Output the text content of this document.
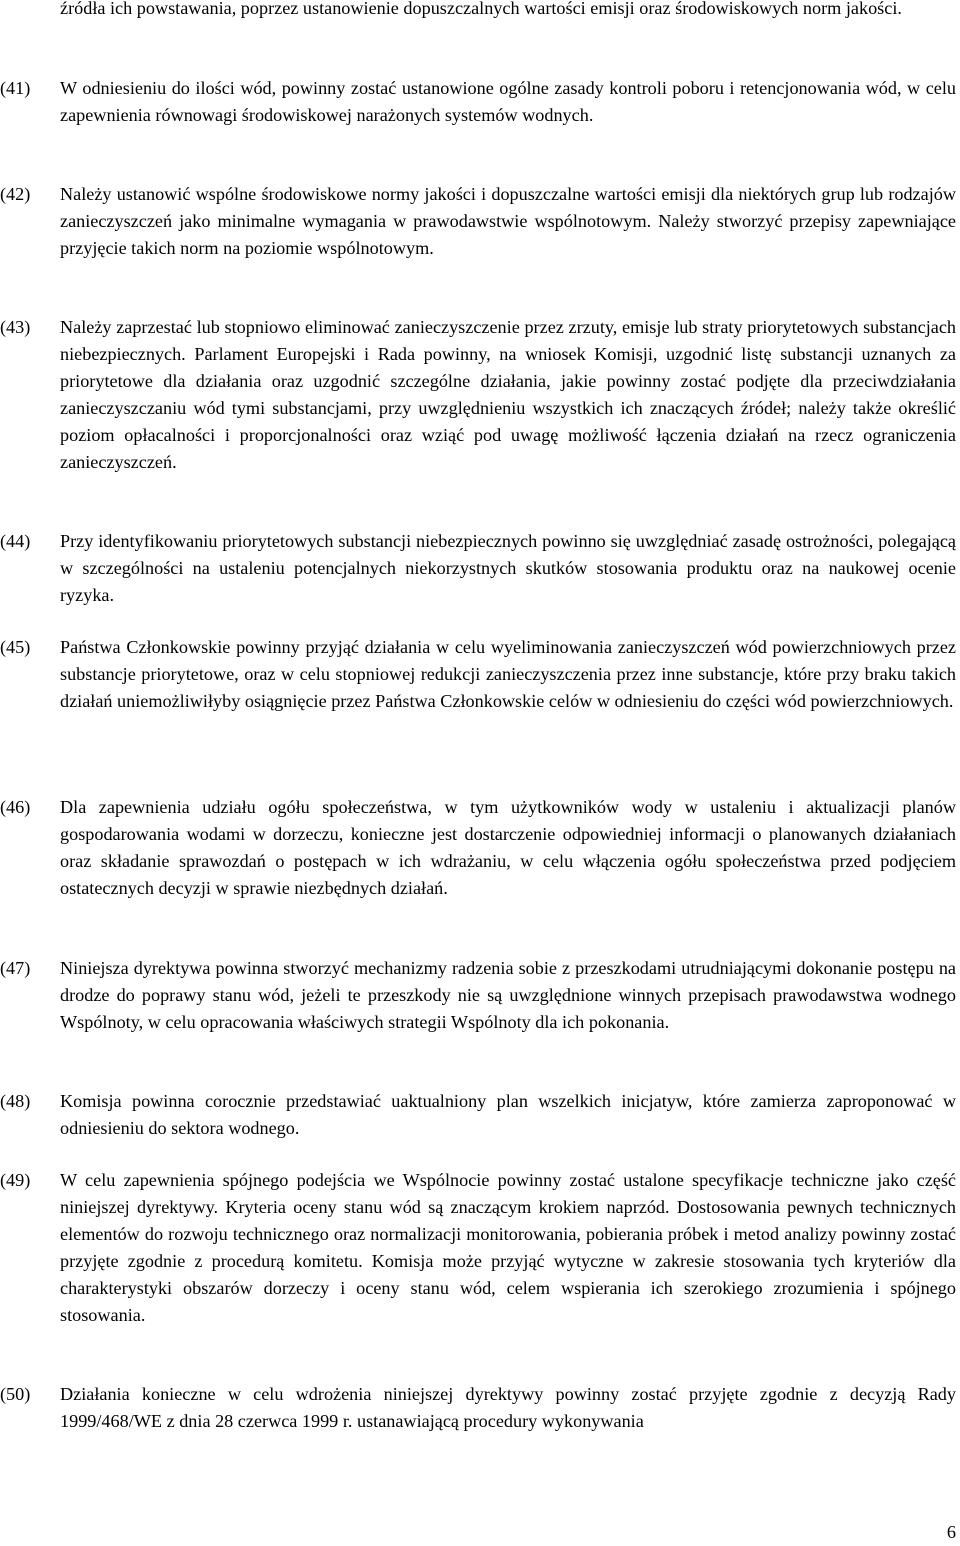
źródła ich powstawania, poprzez ustanowienie dopuszczalnych wartości emisji oraz środowiskowych norm jakości.

(41)	W odniesieniu do ilości wód, powinny zostać ustanowione ogólne zasady kontroli poboru i retencjonowania wód, w celu zapewnienia równowagi środowiskowej narażonych systemów wodnych.
(42)	Należy ustanowić wspólne środowiskowe normy jakości i dopuszczalne wartości emisji dla niektórych grup lub rodzajów zanieczyszczeń jako minimalne wymagania w prawodawstwie wspólnotowym. Należy stworzyć przepisy zapewniające przyjęcie takich norm na poziomie wspólnotowym.
(43)	Należy zaprzestać lub stopniowo eliminować zanieczyszczenie przez zrzuty, emisje lub straty priorytetowych substancjach niebezpiecznych. Parlament Europejski i Rada powinny, na wniosek Komisji, uzgodnić listę substancji uznanych za priorytetowe dla działania oraz uzgodnić szczególne działania, jakie powinny zostać podjęte dla przeciwdziałania zanieczyszczaniu wód tymi substancjami, przy uwzględnieniu wszystkich ich znaczących źródeł; należy także określić poziom opłacalności i proporcjonalności oraz wziąć pod uwagę możliwość łączenia działań na rzecz ograniczenia zanieczyszczeń.
(44)	Przy identyfikowaniu priorytetowych substancji niebezpiecznych powinno się uwzględniać zasadę ostrożności, polegającą w szczególności na ustaleniu potencjalnych niekorzystnych skutków stosowania produktu oraz na naukowej ocenie ryzyka.
(45)	Państwa Członkowskie powinny przyjąć działania w celu wyeliminowania zanieczyszczeń wód powierzchniowych przez substancje priorytetowe, oraz w celu stopniowej redukcji zanieczyszczenia przez inne substancje, które przy braku takich działań uniemożliwiłyby osiągnięcie przez Państwa Członkowskie celów w odniesieniu do części wód powierzchniowych.
(46)	Dla zapewnienia udziału ogółu społeczeństwa, w tym użytkowników wody w ustaleniu i aktualizacji planów gospodarowania wodami w dorzeczu, konieczne jest dostarczenie odpowiedniej informacji o planowanych działaniach oraz składanie sprawozdań o postępach w ich wdrażaniu, w celu włączenia ogółu społeczeństwa przed podjęciem ostatecznych decyzji w sprawie niezbędnych działań.
(47)	Niniejsza dyrektywa powinna stworzyć mechanizmy radzenia sobie z przeszkodami utrudniającymi dokonanie postępu na drodze do poprawy stanu wód, jeżeli te przeszkody nie są uwzględnione winnych przepisach prawodawstwa wodnego Wspólnoty, w celu opracowania właściwych strategii Wspólnoty dla ich pokonania.
(48)	Komisja powinna corocznie przedstawiać uaktualniony plan wszelkich inicjatyw, które zamierza zaproponować w odniesieniu do sektora wodnego.
(49)	W celu zapewnienia spójnego podejścia we Wspólnocie powinny zostać ustalone specyfikacje techniczne jako część niniejszej dyrektywy. Kryteria oceny stanu wód są znaczącym krokiem naprzód. Dostosowania pewnych technicznych elementów do rozwoju technicznego oraz normalizacji monitorowania, pobierania próbek i metod analizy powinny zostać przyjęte zgodnie z procedurą komitetu. Komisja może przyjąć wytyczne w zakresie stosowania tych kryteriów dla charakterystyki obszarów dorzeczy i oceny stanu wód, celem wspierania ich szerokiego zrozumienia i spójnego stosowania.
(50)	Działania konieczne w celu wdrożenia niniejszej dyrektywy powinny zostać przyjęte zgodnie z decyzją Rady 1999/468/WE z dnia 28 czerwca 1999 r. ustanawiającą procedury wykonywania

6
